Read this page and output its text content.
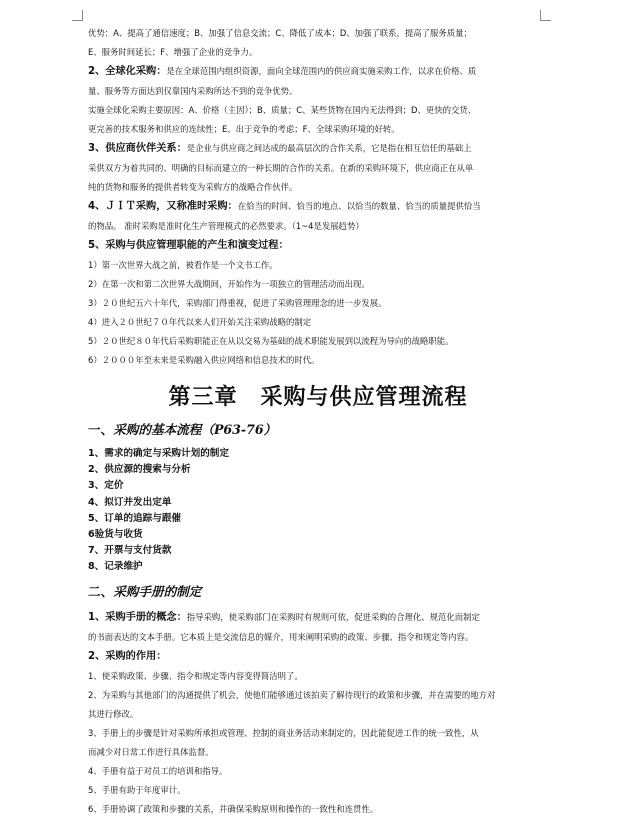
优势：A、提高了通信速度；B、加强了信息交流；C、降低了成本；D、加强了联系，提高了服务质量；
E、服务时间延长；F、增强了企业的竞争力。
2、全球化采购：是在全球范围内组织资源，面向全球范围内的供应商实施采购工作，以求在价格、质
量、服务等方面达到仅靠国内采购所达不到的竞争优势。
实施全球化采购主要原因：A、价格（主因）；B、质量；C、某些货物在国内无法得到；D、更快的交货、
更完善的技术服务和供应的连续性；E、出于竞争的考虑；F、全球采购环境的好转。
3、供应商伙伴关系：是企业与供应商之间达成的最高层次的合作关系，它是指在相互信任的基础上
采供双方为着共同的、明确的目标而建立的一种长期的合作的关系。在新的采购环境下，供应商正在从单
纯的货物和服务的提供者转变为采购方的战略合作伙伴。
4、ＪＩＴ采购，又称准时采购：在恰当的时间、恰当的地点、以恰当的数量、恰当的质量提供恰当
的物品。 准时采购是准时化生产管理模式的必然要求。（1~4是发展趋势）
5、采购与供应管理职能的产生和演变过程：
1）第一次世界大战之前，被看作是一个文书工作。
2）在第一次和第二次世界大战期间，开始作为一项独立的管理活动而出现。
3）２０世纪五六十年代，采购部门得重视，促进了采购管理理念的进一步发展。
4）进入２０世纪７０年代以来人们开始关注采购战略的制定
5）２０世纪８０年代后采购职能正在从以交易为基础的战术职能发展到以流程为导向的战略职能。
6）２０００年至未来是采购融入供应网络和信息技术的时代。
第三章　采购与供应管理流程
一、采购的基本流程（P63-76）
1、需求的确定与采购计划的制定
2、供应源的搜索与分析
3、定价
4、拟订并发出定单
5、订单的追踪与跟催
6验货与收货
7、开票与支付货款
8、记录维护
二、采购手册的制定
1、采购手册的概念：指导采购，使采购部门在采购时有规则可依，促进采购的合理化、规范化而制定
的书面表达的文本手册。它本质上是交流信息的媒介，用来阐明采购的政策、步骤、指令和规定等内容。
2、采购的作用：
1、使采购政策、步骤、指令和规定等内容变得简洁明了。
2、为采购与其他部门的沟通提供了机会，使他们能够通过该拍卖了解待现行的政策和步骤，并在需要的地方对
其进行修改。
3、手册上的步骤是针对采购所承担或管理、控制的商业务活动来制定的，因此能促进工作的统一致性，从
而减少对日常工作进行具体监督。
4、手册有益于对员工的培训和指导。
5、手册有助于年度审计。
6、手册协调了政策和步骤的关系，并确保采购原则和操作的一致性和连贯性。
